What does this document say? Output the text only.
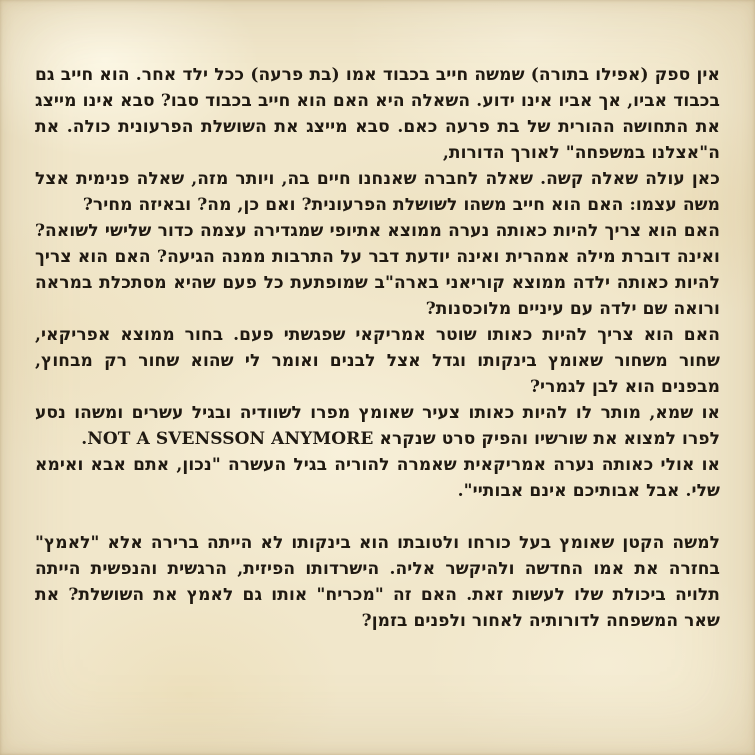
אין ספק (אפילו בתורה) שמשה חייב בכבוד אמו (בת פרעה) ככל ילד אחר. הוא חייב גם בכבוד אביו, אך אביו אינו ידוע. השאלה היא האם הוא חייב בכבוד סבו? סבא אינו מייצג את התחושה ההורית של בת פרעה כאם. סבא מייצג את השושלת הפרעונית כולה. את ה"אצלנו במשפחה" לאורך הדורות,

כאן עולה שאלה קשה. שאלה לחברה שאנחנו חיים בה, ויותר מזה, שאלה פנימית אצל משה עצמו: האם הוא חייב משהו לשושלת הפרעונית? ואם כן, מה? ובאיזה מחיר?

האם הוא צריך להיות כאותה נערה ממוצא אתיופי שמגדירה עצמה כדור שלישי לשואה? ואינה דוברת מילה אמהרית ואינה יודעת דבר על התרבות ממנה הגיעה? האם הוא צריך להיות כאותה ילדה ממוצא קוריאני בארה"ב שמופתעת כל פעם שהיא מסתכלת במראה ורואה שם ילדה עם עיניים מלוכסנות?

האם הוא צריך להיות כאותו שוטר אמריקאי שפגשתי פעם. בחור ממוצא אפריקאי, שחור משחור שאומץ בינקותו וגדל אצל לבנים ואומר לי שהוא שחור רק מבחוץ, מבפנים הוא לבן לגמרי?

או שמא, מותר לו להיות כאותו צעיר שאומץ מפרו לשוודיה ובגיל עשרים ומשהו נסע לפרו למצוא את שורשיו והפיק סרט שנקרא NOT A SVENSSON ANYMORE.

או אולי כאותה נערה אמריקאית שאמרה להוריה בגיל העשרה "נכון, אתם אבא ואימא שלי. אבל אבותיכם אינם אבותיי".

למשה הקטן שאומץ בעל כורחו ולטובתו הוא בינקותו לא הייתה ברירה אלא "לאמץ" בחזרה את אמו החדשה ולהיקשר אליה. הישרדותו הפיזית, הרגשית והנפשית הייתה תלויה ביכולת שלו לעשות זאת. האם זה "מכריח" אותו גם לאמץ את השושלת? את שאר המשפחה לדורותיה לאחור ולפנים בזמן?
